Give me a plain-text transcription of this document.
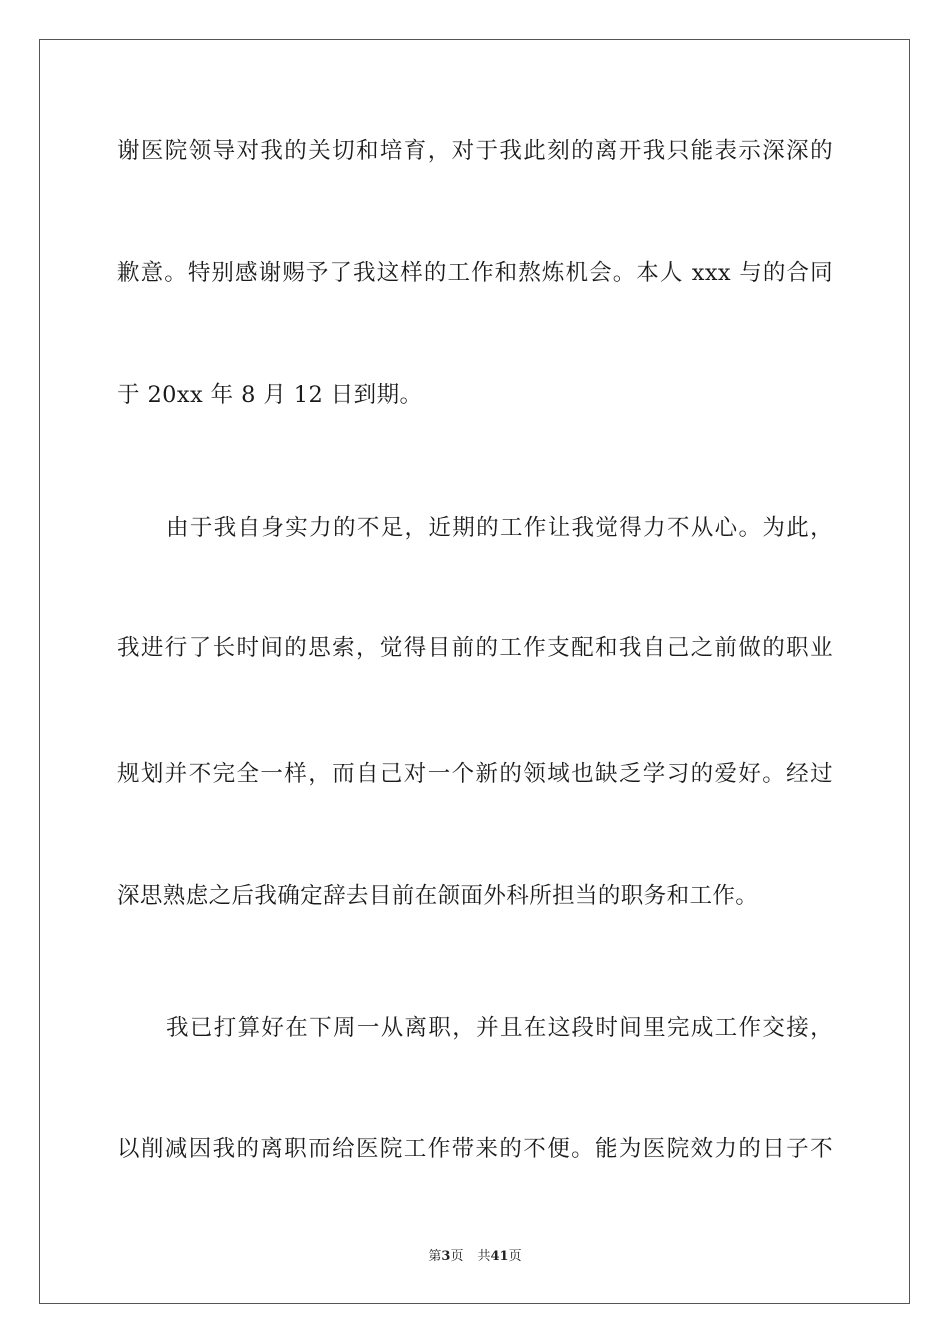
谢医院领导对我的关切和培育，对于我此刻的离开我只能表示深深的
歉意。特别感谢赐予了我这样的工作和熬炼机会。本人 xxx 与的合同
于 20xx 年 8 月 12 日到期。
由于我自身实力的不足，近期的工作让我觉得力不从心。为此，
我进行了长时间的思索，觉得目前的工作支配和我自己之前做的职业
规划并不完全一样，而自己对一个新的领域也缺乏学习的爱好。经过
深思熟虑之后我确定辞去目前在颌面外科所担当的职务和工作。
我已打算好在下周一从离职，并且在这段时间里完成工作交接，
以削减因我的离职而给医院工作带来的不便。能为医院效力的日子不
第3页 共41页
